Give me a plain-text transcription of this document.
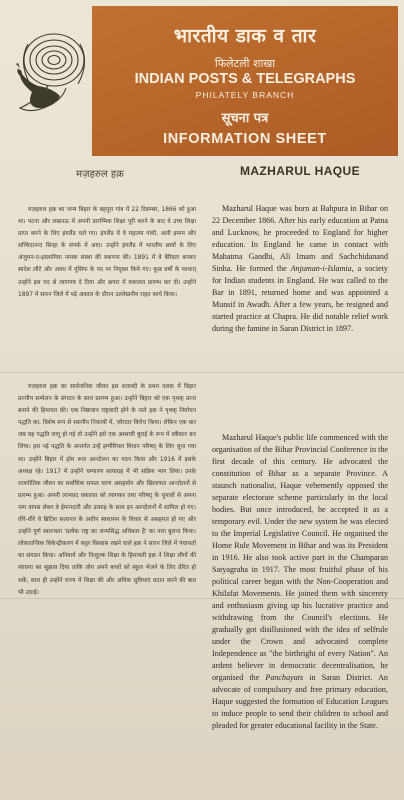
भारतीय डाक व तार
फिलेटली शाखा
INDIAN POSTS & TELEGRAPHS
PHILATELY BRANCH
सूचना पत्र
INFORMATION SHEET
मज़हरुल हक़	MAZHARUL HAQUE

मज़हरुल हक़ का जन्म बिहार के बहपुरा गांव में 22 दिसम्बर, 1866 को हुआ था। पटना और लखनऊ में अपनी प्रारम्भिक शिक्षा पूरी करने के बाद वे उच्च शिक्षा प्राप्त करने के लिए इंगलैंड चले गए। इंगलैंड में वे महात्मा गांधी, अली इमाम और सच्चिदानन्द सिन्हा के संपर्क में आए। उन्होंने इंगलैंड में भारतीय छात्रों के लिए अंजुमन-ए-इस्लामिया नामक संस्था की स्थापना की। 1891 में वे बैरिस्टर बनकर स्वदेश लौटे और अवध में मुंसिफ के पद पर नियुक्त किये गए। कुछ वर्षों के पश्चात् उन्होंने इस पद से त्यागपत्र दे दिया और छपरा में वकालत प्रारम्भ कर दी। उन्होंने 1897 में सारन जिले में पड़े अकाल के दौरान उल्लेखनीय राहत कार्य किया।

मज़हरुल हक़ का सार्वजनिक जीवन इस शताब्दी के प्रथम दशक में बिहार प्रान्तीय सम्मेलन के संगठन के साथ प्रारम्भ हुआ। उन्होंने बिहार को एक पृथक् प्रान्त बनाने की हिमायत की। एक निष्ठावान राष्ट्रवादी होने के नाते हक़ ने पृथक् निर्वाचन पद्धति का, विशेष रूप से स्थानीय निकायों में, जोरदार विरोध किया। लेकिन एक बार जब यह पद्धति लागू हो गई तो उन्होंने इसे एक अस्थायी बुराई के रूप में स्वीकार कर लिया। इस नई पद्धति के अन्तर्गत उन्हें इम्पीरियल विधान परिषद् के लिए चुना गया था। उन्होंने बिहार में होम रूल आन्दोलन का गठन किया और 1916 में इसके अध्यक्ष रहे। 1917 में उन्होंने चम्पारण सत्याग्रह में भी सक्रिय भाग लिया। उनके राजनीतिक जीवन का सर्वाधिक सफल चरण असहयोग और खिलाफत आन्दोलनों से प्रारम्भ हुआ। अपनी लाभप्रद वकालत को त्यागकर तथा परिषद् के चुनावों से अपना नाम वापस लेकर वे ईमानदारी और उत्साह के साथ इन आन्दोलनों में शामिल हो गए। धीरे-धीरे वे ब्रिटिश सल्तनत के अधीन स्वशासन के विचार से असहमत हो गए और उन्होंने पूर्ण स्वतन्त्रता 'प्रत्येक राष्ट्र का जन्मसिद्ध अधिकार है' का नारा बुलन्द किया। लोकतान्त्रिक विकेन्द्रीकरण में कट्टर विश्वास रखने वाले हक़ ने सारन जिले में पंचायतों का संगठन किया। अनिवार्य और निःशुल्क शिक्षा के हिमायती हक़ ने शिक्षा लीगों की संरचना का सुझाव दिया ताकि लोग अपने बच्चों को स्कूल भेजने के लिए प्रेरित हो सकें, साथ ही उन्होंने राज्य में शिक्षा की और अधिक सुविधाएं प्रदान करने की बात भी उठाई।

Mazharul Haque was born at Bahpura in Bihar on 22 December 1866. After his early education at Patna and Lucknow, he proceeded to England for higher education. In England he came in contact with Mahatma Gandhi, Ali Imam and Sachchidanand Sinha. He formed the Anjuman-i-Islamia, a society for Indian students in England. He was called to the Bar in 1891, returned home and was appointed a Munsif in Awadh. After a few years, he resigned and started practice at Chapra. He did notable relief work during the famine in Saran District in 1897.

Mazharul Haque's public life commenced with the organisation of the Bihar Provincial Conference in the first decade of this century. He advocated the constitution of Bihar as a separate Province. A staunch nationalist, Haque vehemently opposed the separate electorate scheme particularly in the local bodies. But once introduced, he accepted it as a temporary evil. Under the new system he was elected to the Imperial Legislative Council. He organised the Home Rule Movement in Bihar and was its President in 1916. He also took active part in the Champaran Satyagraha in 1917. The most fruitful phase of his political career began with the Non-Cooperation and Khilafat Movements. He joined them with sincerety and enthusiasm giving up his lucrative practice and withdrawing from the Council's elections. He gradually got disillusioned with the idea of selfrule under the Crown and advocated complete Independence as "the birthright of every Nation". An ardent believer in democratic decentralisation, he organised the Panchayats in Saran District. An advocate of compulsory and free primary education, Haque suggested the formation of Education Leagues to induce people to send their children to school and pleaded for greater educational facility in the State.
